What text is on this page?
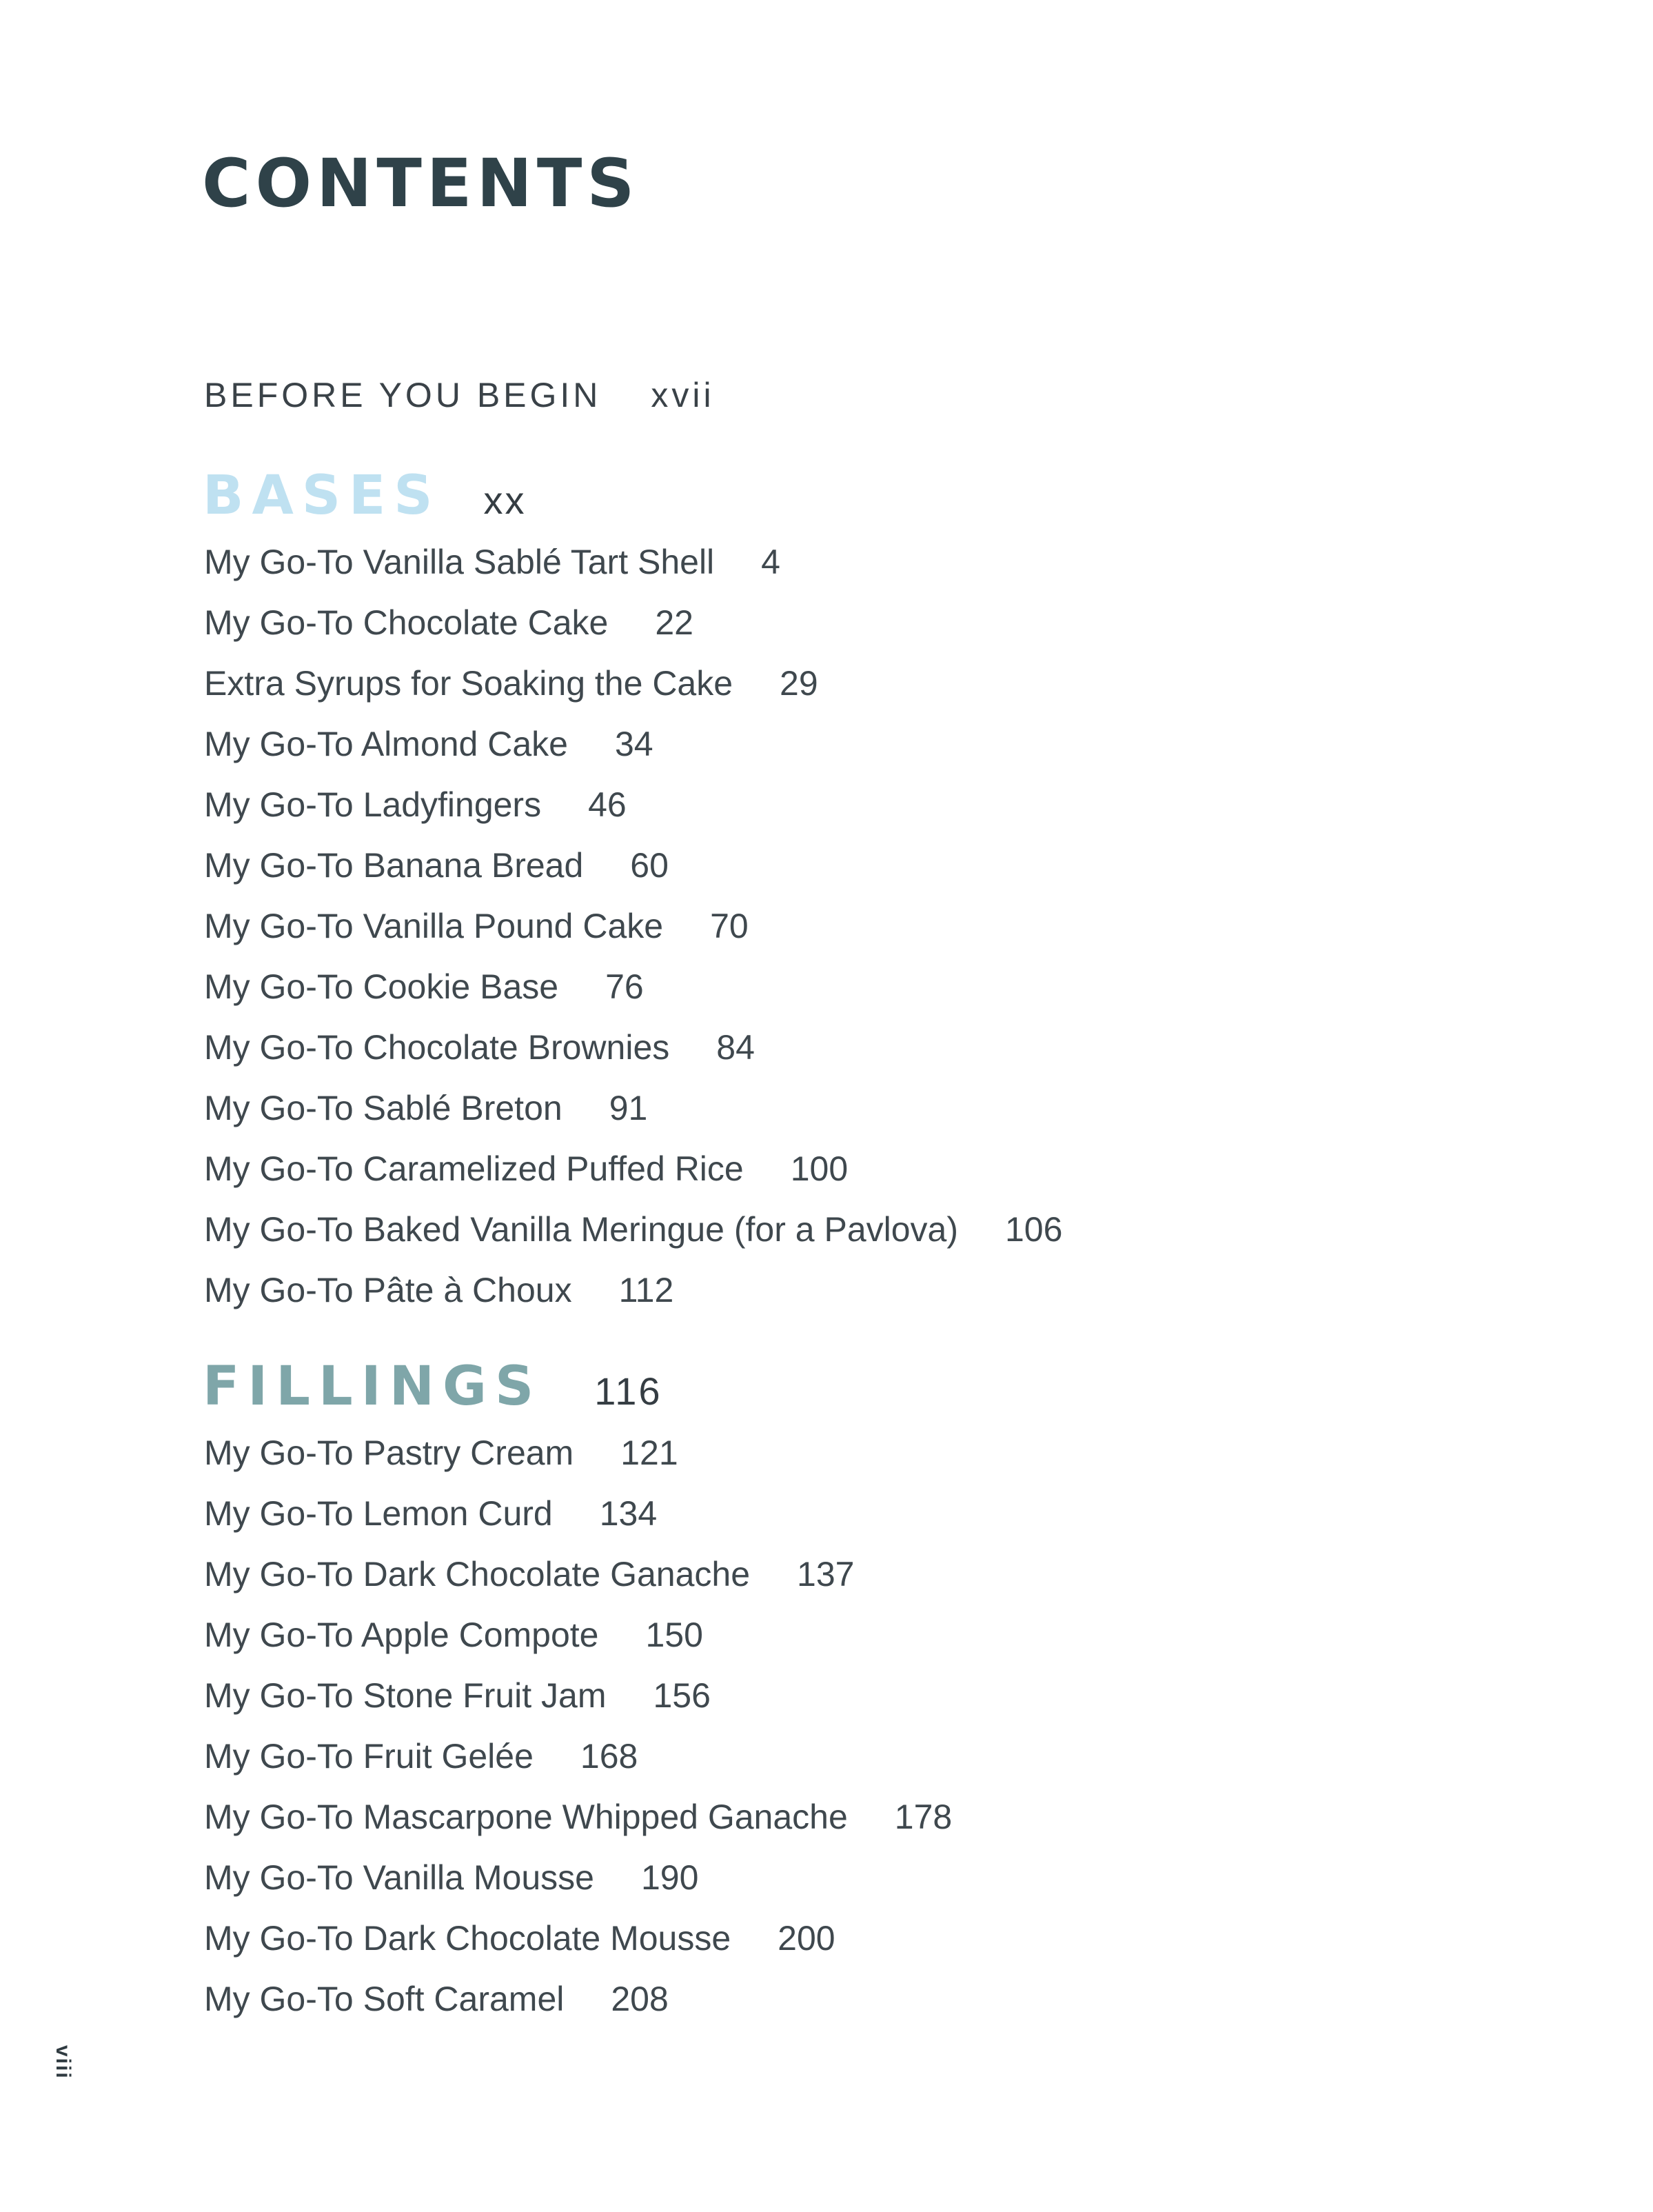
CONTENTS
BEFORE YOU BEGIN xvii
BASES xx
My Go-To Vanilla Sablé Tart Shell 4
My Go-To Chocolate Cake 22
Extra Syrups for Soaking the Cake 29
My Go-To Almond Cake 34
My Go-To Ladyfingers 46
My Go-To Banana Bread 60
My Go-To Vanilla Pound Cake 70
My Go-To Cookie Base 76
My Go-To Chocolate Brownies 84
My Go-To Sablé Breton 91
My Go-To Caramelized Puffed Rice 100
My Go-To Baked Vanilla Meringue (for a Pavlova) 106
My Go-To Pâte à Choux 112
FILLINGS 116
My Go-To Pastry Cream 121
My Go-To Lemon Curd 134
My Go-To Dark Chocolate Ganache 137
My Go-To Apple Compote 150
My Go-To Stone Fruit Jam 156
My Go-To Fruit Gelée 168
My Go-To Mascarpone Whipped Ganache 178
My Go-To Vanilla Mousse 190
My Go-To Dark Chocolate Mousse 200
My Go-To Soft Caramel 208
viii
